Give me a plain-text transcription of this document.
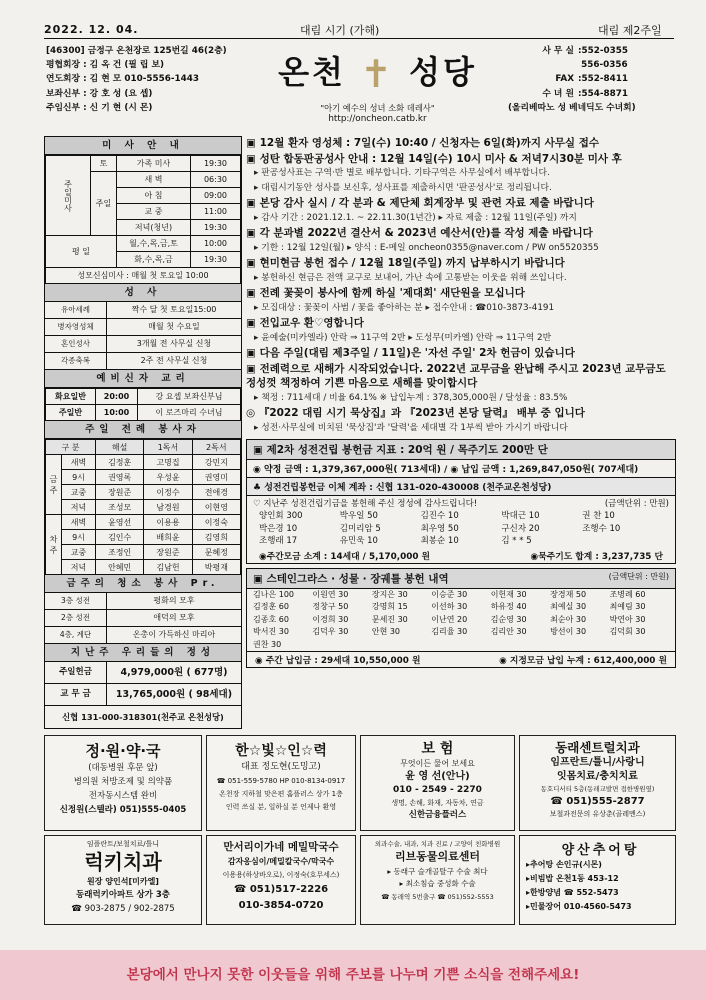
2022. 12. 04.	대림 시기 (가해)	대림 제2주일
[46300] 금정구 온천장로 125번길 46(2층)
평협회장 : 김 옥 건 (필 립 보)
연도회장 : 김 현 모 010-5556-1443
보좌신부 : 강 호 성 (요 셉)
주임신부 : 신 기 현 (시 몬)
온천 ✝ 성당
"아기 예수의 성녀 소화 데레사"
http://oncheon.catb.kr
사 무 실 : 552-0355

556-0356
FAX : 552-8411
수 녀 원 : 554-8871
(올리베따노 성 베네딕도 수녀회)
미 사 안 내
주일미사	토	가족 미사	19:30
	주일	새 벽	06:30
		아 침	09:00
		교 중	11:00
		저녁(청년)	19:30
평 일		월,수,목,금,토	10:00
		화,수,목,금	19:30
성모신심미사 : 매월 첫 토요일 10:00			
성 사
유아세례	짝수 달 첫 토요일15:00
병자영성체	매월 첫 수요일
혼인성사	3개월 전 사무실 신청
각종축복	2주 전 사무실 신청
예비신자 교리
화요일반	20:00	강 요셉 보좌신부님
주일반	10:00	이 로즈마리 수녀님
주일 전례 봉사자
구 분		해설	1독서	2독서
금주	새벽	김정훈	고명집	강민지
	9시	권영록	우성윤	권영미
	교중	장원준	이정수	전애경
	저녁	조성모	남경원	이현영
차주	새벽	윤영선	이용용	이정숙
	9시	김인수	배희윤	김영희
	교중	조정인	장원준	문혜정
	저녁	안혜민	김남헌	박평재
금주의 청소 봉사 Pr.
3층 성전	평화의 모후
2층 성전	애덕의 모후
4층, 계단	온총이 가득하신 마리아
지난주 우리들의 정성
주일헌금	4,979,000원 ( 677명)
교 무 금	13,765,000원 ( 98세대)
신협 131-000-318301(천주교 온천성당)
▣ 12월 환자 영성체 : 7일(수) 10:40 / 신청자는 6일(화)까지 사무실 접수
▣ 성탄 합동판공성사 안내 : 12월 14일(수) 10시 미사 & 저녁7시30분 미사 후
▸ 판공성사표는 구역·반 별로 배부합니다. 기타구역은 사무실에서 배부합니다.
▸ 대림시기동안 성사를 보신후, 성사표를 제출하시면 '판공성사'로 정리됩니다.
▣ 본당 감사 실시 / 각 분과 & 제단체 회계장부 및 관련 자료 제출 바랍니다
▸ 감사 기간 : 2021.12.1. ~ 22.11.30(1년간) ▸ 자료 제출 : 12월 11일(주일) 까지
▣ 각 분과별 2022년 결산서 & 2023년 예산서(안)를 작성 제출 바랍니다
▸ 기한 : 12월 12일(월) ▸ 양식 : E-메일 oncheon0355@naver.com / PW on5520355
▣ 현미현금 봉헌 접수 / 12월 18일(주일) 까지 납부하시기 바랍니다
▸ 봉헌하신 현금은 전액 교구로 보내어, 가난 속에 고통받는 이웃을 위해 쓰입니다.
▣ 전례 꽃꽂이 봉사에 함께 하실 '제대회' 새단원을 모십니다
▸ 모집대상 : 꽃꽂이 사범 / 꽃을 좋아하는 분 ▸ 접수안내 : ☎010-3873-4191
▣ 전입교우 환♡영합니다
▸ 윤예술(미카엘라) 안락 ⇒ 11구역 2반 ▸ 도성무(미카엘) 안락 ⇒ 11구역 2반
▣ 다음 주일(대림 제3주일 / 11일)은 '자선 주일' 2차 헌금이 있습니다
▣ 전례력으로 새해가 시작되었습니다. 2022년 교무금을 완납해 주시고 2023년 교무금도 정성껏 책정하여 기쁜 마음으로 새해를 맞이합시다
▸ 책정 : 711세대 / 비율 64.1% ※ 납입누계 : 378,305,000원 / 달성율 : 83.5%
◎ 『2022 대림 시기 묵상집』과 『2023년 본당 달력』 배부 중 입니다
▸ 성전·사무실에 비치된 '묵상집'과 '달력'을 세대별 각 1부씩 받아 가시기 바랍니다
▣ 제2차 성전건립 봉헌금 지표 : 20억 원 / 목주기도 200만 단
◉ 약정 금액 : 1,379,367,000원( 713세대) / ◉ 납입 금액 : 1,269,847,050원( 707세대)
♣ 성전건립봉헌금 이체 계좌 : 신협 131-020-430008 (천주교온천성당)
♡ 지난주 성전건립기금을 봉헌해 주신 정성에 감사드립니다!	(금액단위 : 만원)
양인회 300	박우일 50	김진수 10	박대근 10	권 찬 10
박은경 10	김미리암 5	최우영 50	구신자 20	조행수 10
조행래 17	유민욱 10	최봉순 10	김 * * 5
◉주간모금 소계 : 14세대 / 5,170,000 원	◉묵주기도 합계 : 3,237,735 단
▣ 스테인그라스 · 성물 · 장궤틀 봉헌 내역	(금액단위 : 만원)
김나은 100	이원연 30	장지은 30	이승준 30	이헌재 30	장경재 50	조병례 60
김정훈 60	정창구 50	강명희 15	이선하 30	하유정 40	최예실 30	최예림 30
김종호 60	이경희 30	문세진 30	이난연 20	김순영 30	최순아 30	박연아 30
박서진 30	김덕우 30	안현 30	김리율 30	김리안 30	방선이 30	김덕회 30
권찬 30
◉ 주간 납입금 : 29세대 10,550,000 원	◉ 지정모금 납입 누계 : 612,400,000 원
정·원·약·국
(대동병원 후문 앞)
병의원 처방조제 및 의약품
전자동시스템 완비
신정원(스텔라) 051)555-0405
한☆빛☆인☆력
대표 정도현(도밍고)
☎ 051-559-5780 HP 010-8134-0917
온천장 지하철 맞은편 홈플러스 상가 1층
인력 쓰실 분, 일하실 분 언제나 환영
보 험
무엇이든 물어 보세요
윤 영 선(안나)
010 - 2549 - 2270
생명, 손해, 화재, 자동차, 연금
신한금융플러스
동래센트럴치과
임프란트/틀니/사랑니
잇몸치료/충치치료
동호디서티 5층(동래교발면 접한병원옆)
☎ 051)555-2877
보철과전문의 유상춘(골레멘스)
임플란트/보철치료/틀니
럭키치과
원장 양인석[미카엘]
동래럭키아파트 상가 3층
☎ 903-2875 / 902-2875
만서리이가네 메밀막국수
감자옹심이/메밀칼국수/막국수
이용용(하상바오로), 이정숙(호무세스)
☎ 051)517-2226
010-3854-0720
외과수술, 내과, 치과 진료 / 고양이 친화병원
리브동물의료센터
▸ 동래구 슬개골탈구 수술 최다
▸ 최소침습 중성화 수술
☎ 동래역 5번출구 ☎ 051)552-5553
양산추어탕
▸추어탕 손인규(시몬)
▸비빔밥 온천1동 453-12
▸한방양념 ☎ 552-5473
▸민물장어 010-4560-5473
본당에서 만나지 못한 이웃들을 위해 주보를 나누며 기쁜 소식을 전해주세요!
